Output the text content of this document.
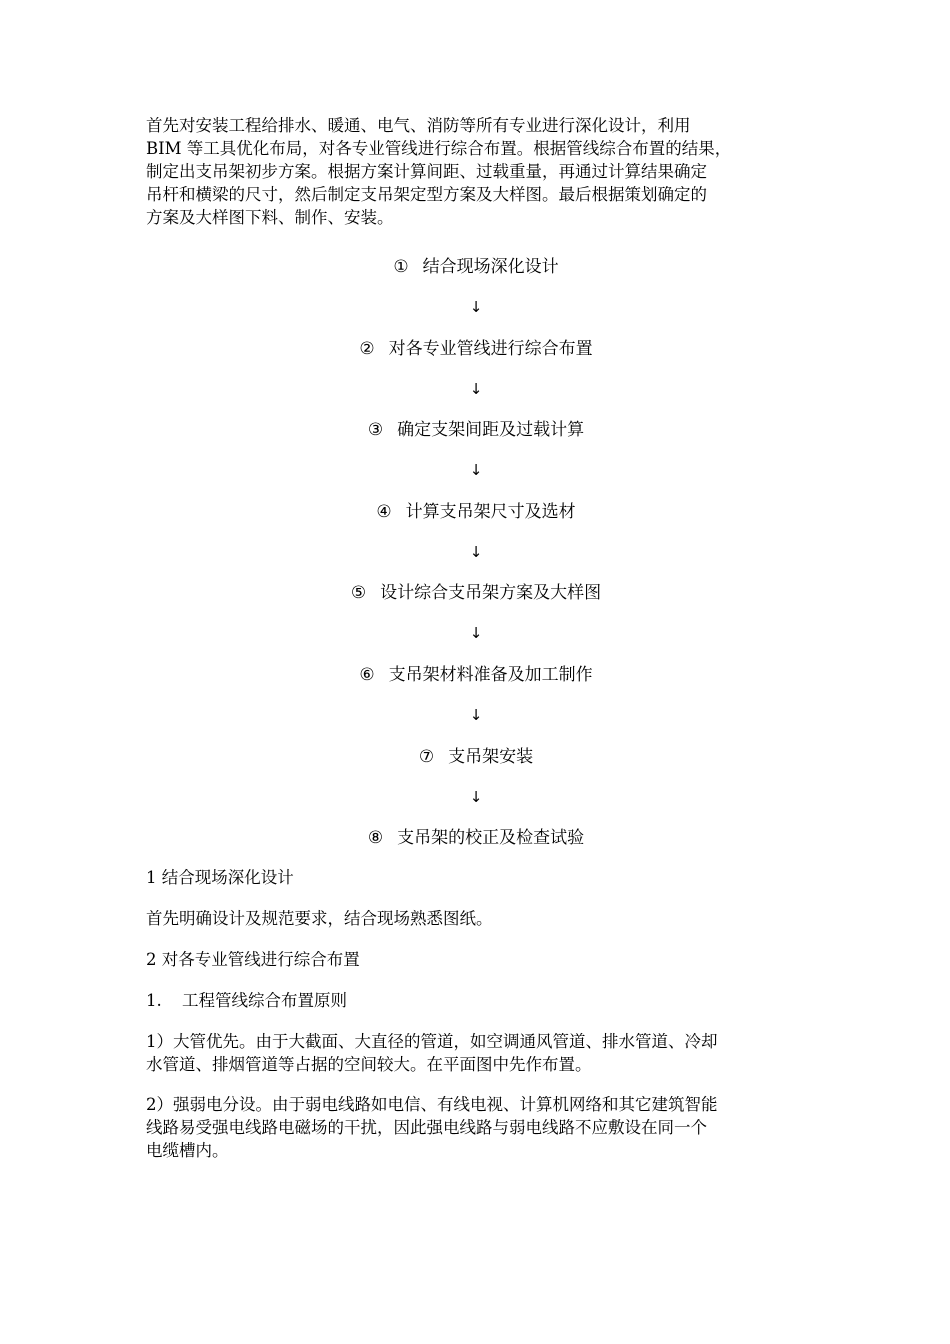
首先对安装工程给排水、暖通、电气、消防等所有专业进行深化设计，利用
BIM 等工具优化布局，对各专业管线进行综合布置。根据管线综合布置的结果，
制定出支吊架初步方案。根据方案计算间距、过载重量，再通过计算结果确定
吊杆和横梁的尺寸，然后制定支吊架定型方案及大样图。最后根据策划确定的
方案及大样图下料、制作、安装。

① 结合现场深化设计
↓
② 对各专业管线进行综合布置
↓
③ 确定支架间距及过载计算
↓
④ 计算支吊架尺寸及选材
↓
⑤ 设计综合支吊架方案及大样图
↓
⑥ 支吊架材料准备及加工制作
↓
⑦ 支吊架安装
↓
⑧ 支吊架的校正及检查试验

1 结合现场深化设计

首先明确设计及规范要求，结合现场熟悉图纸。

2 对各专业管线进行综合布置

1. 工程管线综合布置原则

1）大管优先。由于大截面、大直径的管道，如空调通风管道、排水管道、冷却
水管道、排烟管道等占据的空间较大。在平面图中先作布置。

2）强弱电分设。由于弱电线路如电信、有线电视、计算机网络和其它建筑智能
线路易受强电线路电磁场的干扰，因此强电线路与弱电线路不应敷设在同一个
电缆槽内。
